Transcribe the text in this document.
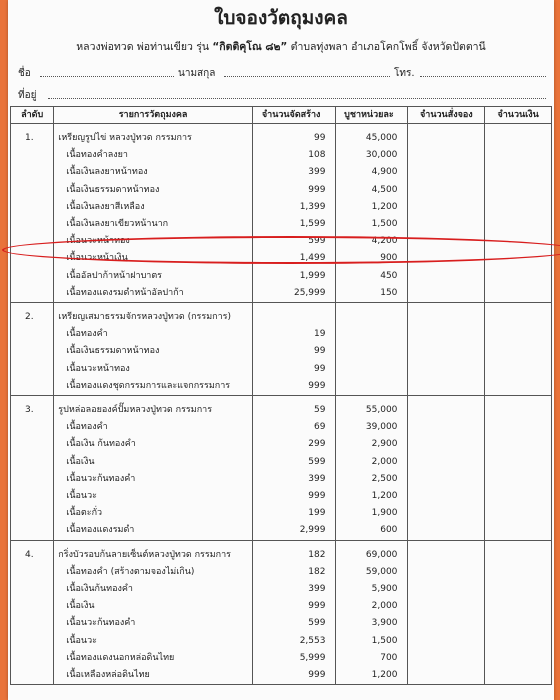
ใบจองวัตถุมงคล
หลวงพ่อทวด พ่อท่านเขียว รุ่น “กิตติคุโณ ๘๒” ตำบลทุ่งพลา อำเภอโคกโพธิ์ จังหวัดปัตตานี
ชื่อ	นามสกุล	โทร.
ที่อยู่
ลำดับ	รายการวัตถุมงคล	จำนวนจัดสร้าง	บูชาหน่วยละ	จำนวนสั่งจอง	จำนวนเงิน

1.	เหรียญรูปไข่ หลวงปู่ทวด กรรมการ	99	45,000		
	เนื้อทองคำลงยา	108	30,000		
	เนื้อเงินลงยาหน้าทอง	399	4,900		
	เนื้อเงินธรรมดาหน้าทอง	999	4,500		
	เนื้อเงินลงยาสีเหลือง	1,399	1,200		
	เนื้อเงินลงยาเขียวหน้านาก	1,599	1,500		
	เนื้อนวะหน้าทอง	599	4,200		
	เนื้อนวะหน้าเงิน	1,499	900		
	เนื้ออัลปาก้าหน้าฝาบาตร	1,999	450		
	เนื้อทองแดงรมดำหน้าอัลปาก้า	25,999	150		

2.	เหรียญเสมาธรรมจักรหลวงปู่ทวด (กรรมการ)				
	เนื้อทองคำ	19			
	เนื้อเงินธรรมดาหน้าทอง	99			
	เนื้อนวะหน้าทอง	99			
	เนื้อทองแดงชุดกรรมการและแจกกรรมการ	999			

3.	รูปหล่อลอยองค์ปั๊มหลวงปู่ทวด กรรมการ	59	55,000		
	เนื้อทองคำ	69	39,000		
	เนื้อเงิน ก้นทองคำ	299	2,900		
	เนื้อเงิน	599	2,000		
	เนื้อนวะก้นทองคำ	399	2,500		
	เนื้อนวะ	999	1,200		
	เนื้อตะกั่ว	199	1,900		
	เนื้อทองแดงรมดำ	2,999	600		

4.	กริ่งบัวรอบก้นลายเซ็นต์หลวงปู่ทวด กรรมการ	182	69,000		
	เนื้อทองคำ (สร้างตามจองไม่เกิน)	182	59,000		
	เนื้อเงินก้นทองคำ	399	5,900		
	เนื้อเงิน	999	2,000		
	เนื้อนวะก้นทองคำ	599	3,900		
	เนื้อนวะ	2,553	1,500		
	เนื้อทองแดงนอกหล่อดินไทย	5,999	700		
	เนื้อเหลืองหล่อดินไทย	999	1,200		
